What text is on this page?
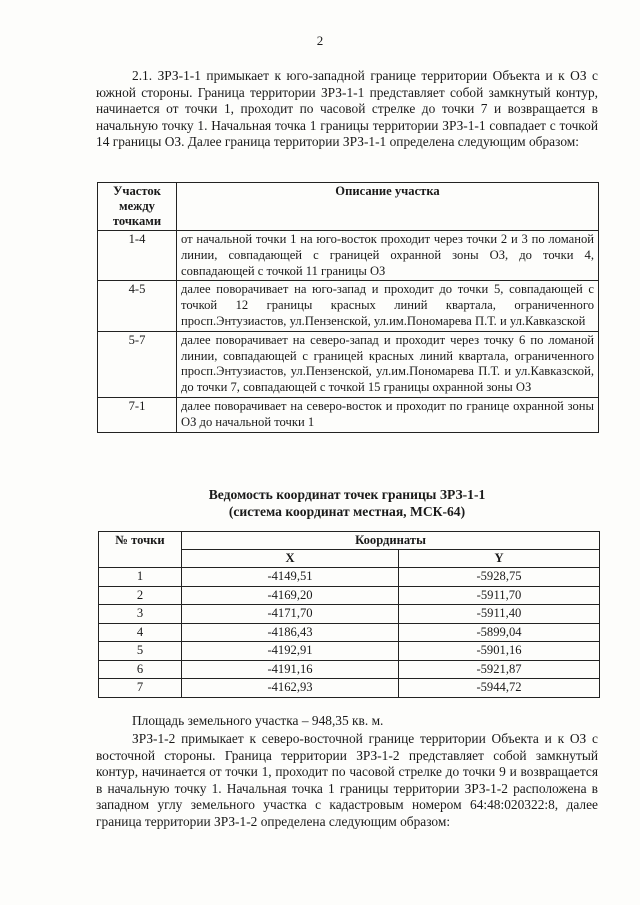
2

2.1. ЗРЗ-1-1 примыкает к юго-западной границе территории Объекта и к ОЗ с южной стороны. Граница территории ЗРЗ-1-1 представляет собой замкнутый контур, начинается от точки 1, проходит по часовой стрелке до точки 7 и возвращается в начальную точку 1. Начальная точка 1 границы территории ЗРЗ-1-1 совпадает с точкой 14 границы ОЗ. Далее граница территории ЗРЗ-1-1 определена следующим образом:

Участок между точками	Описание участка
1-4	от начальной точки 1 на юго-восток проходит через точки 2 и 3 по ломаной линии, совпадающей с границей охранной зоны ОЗ, до точки 4, совпадающей с точкой 11 границы ОЗ
4-5	далее поворачивает на юго-запад и проходит до точки 5, совпадающей с точкой 12 границы красных линий квартала, ограниченного просп.Энтузиастов, ул.Пензенской, ул.им.Пономарева П.Т. и ул.Кавказской
5-7	далее поворачивает на северо-запад и проходит через точку 6 по ломаной линии, совпадающей с границей красных линий квартала, ограниченного просп.Энтузиастов, ул.Пензенской, ул.им.Пономарева П.Т. и ул.Кавказской, до точки 7, совпадающей с точкой 15 границы охранной зоны ОЗ
7-1	далее поворачивает на северо-восток и проходит по границе охранной зоны ОЗ до начальной точки 1
Ведомость координат точек границы ЗРЗ-1-1
(система координат местная, МСК-64)
№ точки	Координаты	
	X	Y
1	-4149,51	-5928,75
2	-4169,20	-5911,70
3	-4171,70	-5911,40
4	-4186,43	-5899,04
5	-4192,91	-5901,16
6	-4191,16	-5921,87
7	-4162,93	-5944,72

Площадь земельного участка – 948,35 кв. м.

ЗРЗ-1-2 примыкает к северо-восточной границе территории Объекта и к ОЗ с восточной стороны. Граница территории ЗРЗ-1-2 представляет собой замкнутый контур, начинается от точки 1, проходит по часовой стрелке до точки 9 и возвращается в начальную точку 1. Начальная точка 1 границы территории ЗРЗ-1-2 расположена в западном углу земельного участка с кадастровым номером 64:48:020322:8, далее граница территории ЗРЗ-1-2 определена следующим образом:
